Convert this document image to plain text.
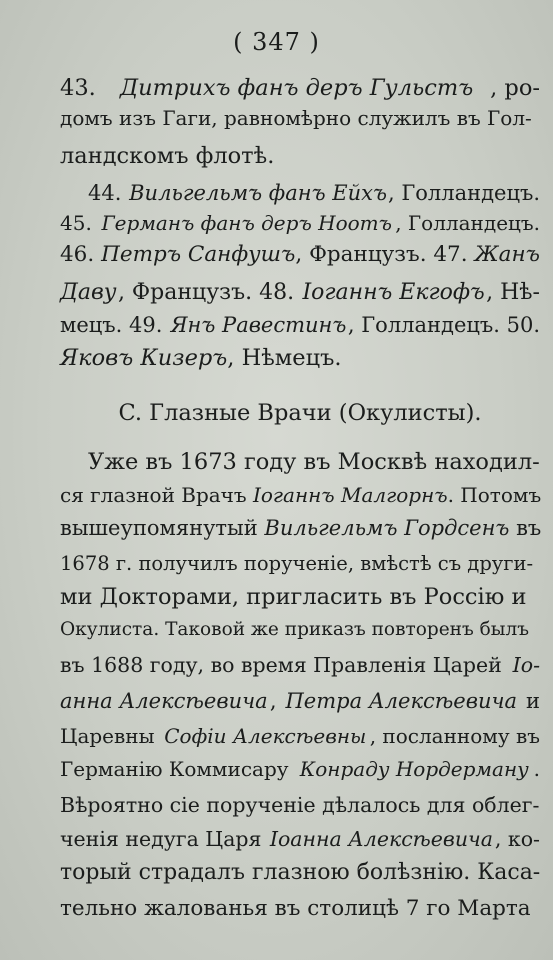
( 347 )
43. Дитрихъ фанъ деръ Гульстъ , ро-
домъ изъ Гаги, равномѣрно служилъ въ Гол-
ландскомъ флотѣ.
44. Вильгельмъ фанъ Ейхъ , Голландецъ.
45. Германъ фанъ деръ Ноотъ , Голландецъ.
46. Петръ Санфушъ , Французъ. 47. Жанъ
Даву , Французъ. 48. Іоганнъ Екгофъ , Нѣ-
мецъ. 49. Янъ Равестинъ , Голландецъ. 50.
Яковъ Кизеръ , Нѣмецъ.
C. Глазные Врачи (Окулисты).
Уже въ 1673 году въ Москвѣ находил-
ся глазной Врачъ Іоганнъ Малгорнъ . Потомъ
вышеупомянутый Вильгельмъ Гордсенъ въ
1678 г. получилъ порученіе, вмѣстѣ съ други-
ми Докторами, пригласить въ Россію и
Окулиста. Таковой же приказъ повторенъ былъ
въ 1688 году, во время Правленія Царей Іо-
анна Алексѣевича , Петра Алексѣевича и
Царевны Софіи Алексѣевны , посланному въ
Германію Коммисару Конраду Нордерману .
Вѣроятно сіе порученіе дѣлалось для облег-
ченія недуга Царя Іоанна Алексѣевича , ко-
торый страдалъ глазною болѣзнію. Каса-
тельно жалованья въ столицѣ 7 го Марта
